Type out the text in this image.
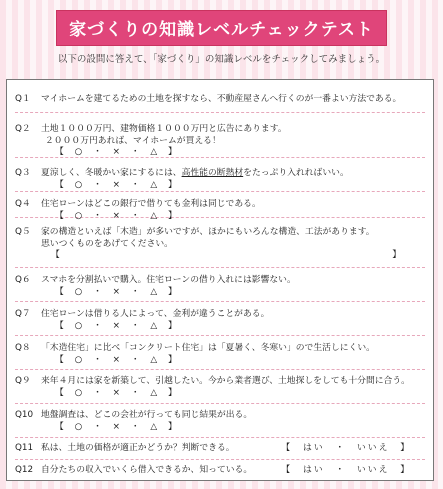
家づくりの知識レベルチェックテスト
以下の設問に答えて、「家づくり」の知識レベルをチェックしてみましょう。
Q１	マイホームを建てるための土地を探すなら、不動産屋さんへ行くのが一番よい方法である。
Q２	土地１０００万円、建物価格１０００万円と広告にあります。
２０００万円あれば、マイホームが買える！
【　○　・　×　・　△　】
Q３	夏涼しく、冬暖かい家にするには、高性能の断熱材をたっぷり入れればいい。
【　○　・　×　・　△　】
Q４	住宅ローンはどこの銀行で借りても金利は同じである。
【　○　・　×　・　△　】
Q５	家の構造といえば「木造」が多いですが、ほかにもいろんな構造、工法があります。
思いつくものをあげてください。
【	】
Q６	スマホを分割払いで購入。住宅ローンの借り入れには影響ない。
【　○　・　×　・　△　】
Q７	住宅ローンは借りる人によって、金利が違うことがある。
【　○　・　×　・　△　】
Q８	「木造住宅」に比べ「コンクリート住宅」は「夏暑く、冬寒い」ので生活しにくい。
【　○　・　×　・　△　】
Q９	来年４月には家を新築して、引越したい。今から業者選び、土地探しをしても十分間に合う。
【　○　・　×　・　△　】
Q10 地盤調査は、どこの会社が行っても同じ結果が出る。
【　○　・　×　・　△　】
Q11 私は、土地の価格が適正かどうか？判断できる。	【　はい　・　いいえ　】
Q12 自分たちの収入でいくら借入できるか、知っている。	【　はい　・　いいえ　】
